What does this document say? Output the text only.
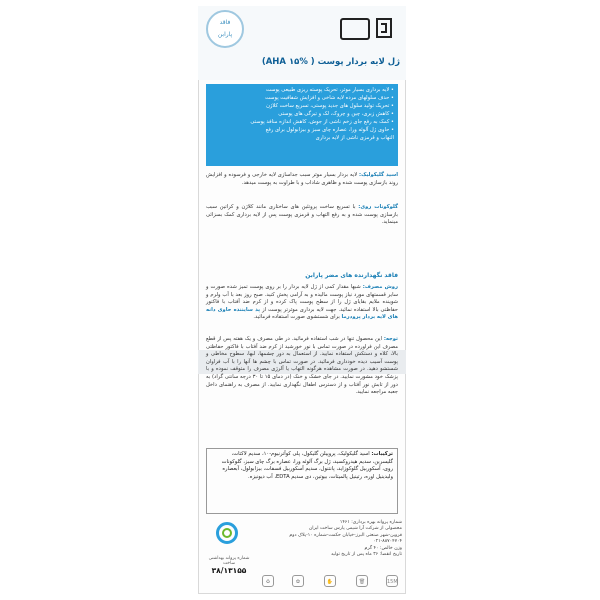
فاقد
پارابن
ژل لایه بردار پوست ( AHA ۱۵%)
• لایه برداری بسیار موثر، تحریک پوسته ریزی طبیعی پوست
• حذف سلولهای مرده لایه شاخی و افزایش شفافیت پوست
• تحریک تولید سلول های جدید پوستی، تسریع ساخت کلاژن
• کاهش زبری، چین و چروک، لک و تیرگی های پوستی
• کمک به رفع جای زخم ناشی از جوش، کاهش اندازه منافذ پوستی
• حاوی ژل آلوئه ورا، عصاره چای سبز و بیزابولول برای رفع
التهاب و قرمزی ناشی از لایه برداری
اسید گلیکولیک: لایه بردار بسیار موثر سبب جداسازی لایه خارجی و فرسوده و افزایش روند بازسازی پوست شده و ظاهری شاداب و با طراوت به پوست میدهد.
گلوکونات روی: با تسریع ساخت پروتئین های ساختاری مانند کلاژن و کراتین سبب بازسازی پوست شده و به رفع التهاب و قرمزی پوست پس از لایه برداری کمک بسزائی مینماید.
فاقد نگهدارنده های مضر پارابن
روش مصرف: شبها مقدار کمی از ژل لایه بردار را بر روی پوست تمیز شده صورت و سایر قسمتهای مورد نیاز پوست مالیده و به آرامی پخش کنید. صبح روز بعد با آب ولرم و شوینده ملایم بقایای ژل را از سطح پوست پاک کرده و از کرم ضد آفتاب با فاکتور حفاظتی بالا استفاده نمائید. جهت لایه برداری موثرتر پوست از پد سایننده حاوی دانه های لایه بردار پرودرما برای شستشوی صورت استفاده فرمائید.
توجه: این محصول تنها در شب استفاده فرمائید. در طی مصرف و یک هفته پس از قطع مصرف این فراورده در صورت تماس با نور خورشید از کرم ضد آفتاب با فاکتور حفاظتی بالا، کلاه و دستکش استفاده نمایید. از استعمال به دور چشمها، لبها، سطوح مخاطی و پوست آسیب دیده خودداری فرمائید. در صورت تماس با چشم ها آنها را با آب فراوان شستشو دهید. در صورت مشاهده هرگونه التهاب یا آلرژی مصرف را متوقف نموده و با پزشک خود مشورت نمایید. در جای خشک و خنک (در دمای ۱۵ تا ۳۰ درجه سانتی گراد) به دور از تابش نور آفتاب و از دسترس اطفال نگهداری نمایید. از مصرف به راهنمای داخل جعبه مراجعه نمایید.
ترکیبات: اسید گلیکولیک، پروپیلن گلیکول، پلی کوآترنیوم-۱۰، سدیم لاکتات، گلیسرین، سدیم هیدروکسید، ژل برگ آلوئه ورا، عصاره برگ چای سبز، گلوکونات روی، آسکوربیل گلوکوزاید، پانتنول، سدیم آسکوربیل فسفات، بیزابولول، آبعصاره ولیدینیل اوره، رتینیل پالمیتات، بیوتین، دی سدیم EDTA، آب دیونیزه.
شماره پروانه بهداشتی ساخت
۳۸/۱۳۱۵۵
شماره پروانه بهره برداری: ۱۴۶۱
محصولی از شرکت آرا شیمی پارس ساخت ایران
قزوین-شهر صنعتی البرز-خیابان حکمت-شماره ۱۰-پلاک دوم
۰۲۱-۸۸۷۰۴۷۰۴
وزن خالص: ۴۰ گرم
تاریخ انقضا: ۳۶ ماه پس از تاریخ تولید
♻	✿	✋	🗑	15M
